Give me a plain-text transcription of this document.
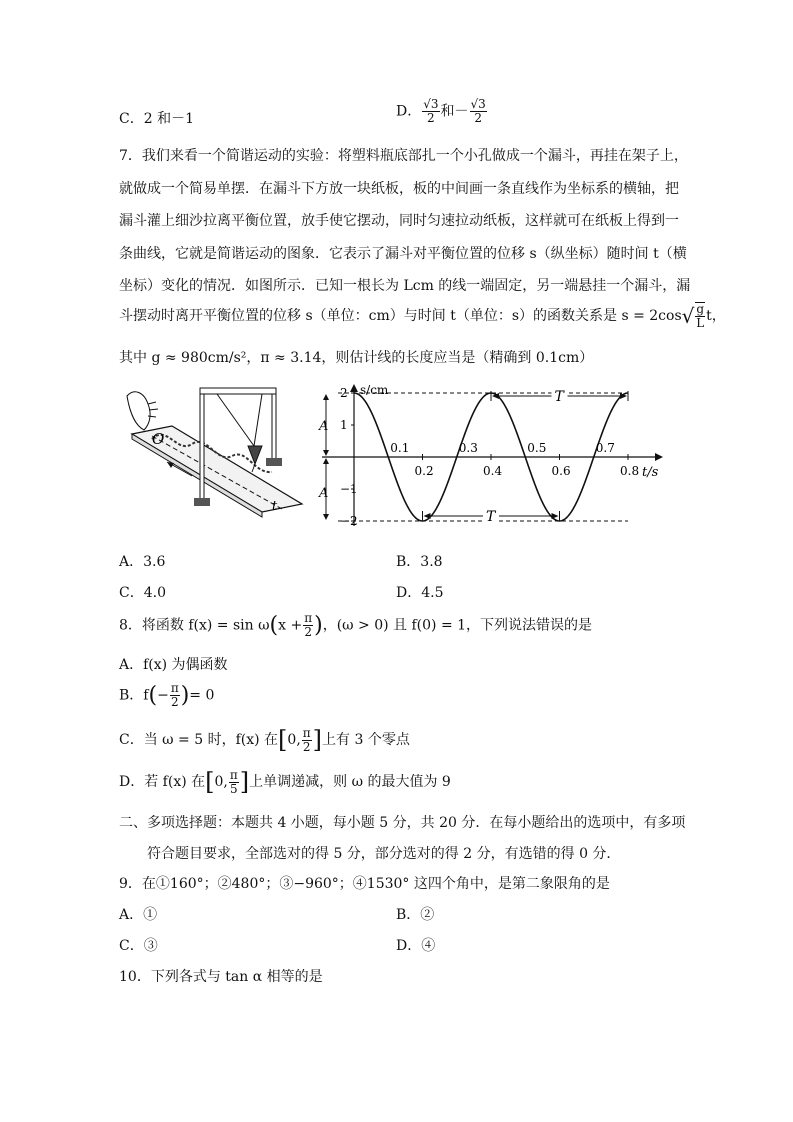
C．2 和－1	D． $\frac{√3}{2}$ 和－ $\frac{√3}{2}$
7．我们来看一个简谐运动的实验：将塑料瓶底部扎一个小孔做成一个漏斗，再挂在架子上，
就做成一个简易单摆．在漏斗下方放一块纸板，板的中间画一条直线作为坐标系的横轴，把
漏斗灌上细沙拉离平衡位置，放手使它摆动，同时匀速拉动纸板，这样就可在纸板上得到一
条曲线，它就是简谐运动的图象．它表示了漏斗对平衡位置的位移 s（纵坐标）随时间 t（横
坐标）变化的情况．如图所示．已知一根长为 Lcm 的线一端固定，另一端悬挂一个漏斗，漏
斗摆动时离开平衡位置的位移 s（单位：cm）与时间 t（单位：s）的函数关系是 $s = 2\cos√ \frac{g}{L}$ t，
其中 g ≈ 980cm/s²，π ≈ 3.14，则估计线的长度应当是（精确到 0.1cm）
O
t
2
1
−1
−2
0.1	0.3	0.5	0.7
0.2	0.4	0.6	0.8
A
A
T
T
s/cm
t/s
A．3.6	B．3.8
C．4.0	D．4.5
8．将函数 $f(x) = \sin \omega(x + \frac{\pi}{2}$ )，(ω > 0) 且 f(0) = 1，下列说法错误的是
A．f(x) 为偶函数
B．$f(- \frac{\pi}{2}$ )= 0
C．当 ω = 5 时，f(x) 在[0, $\frac{\pi}{2}$ ]上有 3 个零点
D．若 f(x) 在[0, $\frac{\pi}{5}$ ]上单调递减，则 ω 的最大值为 9
二、多项选择题：本题共 4 小题，每小题 5 分，共 20 分．在每小题给出的选项中，有多项
符合题目要求，全部选对的得 5 分，部分选对的得 2 分，有选错的得 0 分．
9．在①160°；②480°；③−960°；④1530° 这四个角中，是第二象限角的是
A．①	B．②
C．③	D．④
10．下列各式与 tan α 相等的是
